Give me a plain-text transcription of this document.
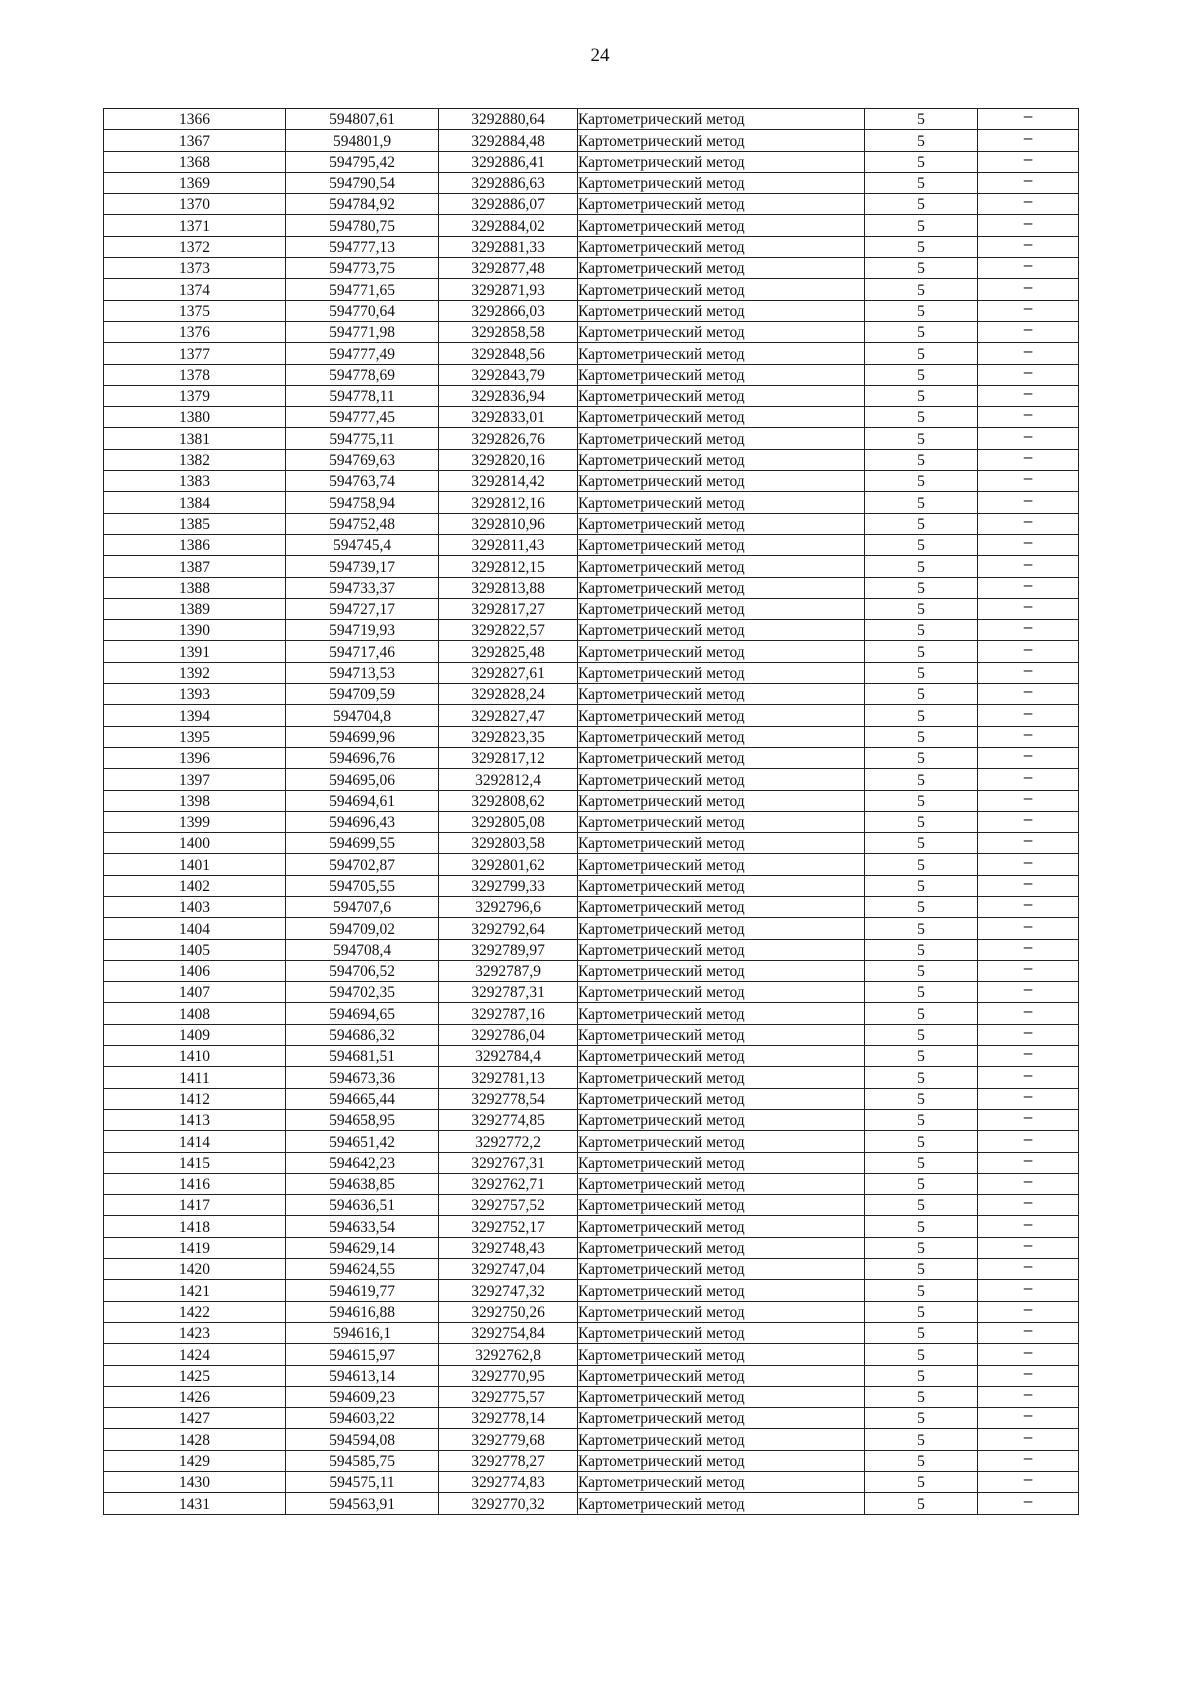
24
1366	594807,61	3292880,64	Картометрический метод	5	–
1367	594801,9	3292884,48	Картометрический метод	5	–
1368	594795,42	3292886,41	Картометрический метод	5	–
1369	594790,54	3292886,63	Картометрический метод	5	–
1370	594784,92	3292886,07	Картометрический метод	5	–
1371	594780,75	3292884,02	Картометрический метод	5	–
1372	594777,13	3292881,33	Картометрический метод	5	–
1373	594773,75	3292877,48	Картометрический метод	5	–
1374	594771,65	3292871,93	Картометрический метод	5	–
1375	594770,64	3292866,03	Картометрический метод	5	–
1376	594771,98	3292858,58	Картометрический метод	5	–
1377	594777,49	3292848,56	Картометрический метод	5	–
1378	594778,69	3292843,79	Картометрический метод	5	–
1379	594778,11	3292836,94	Картометрический метод	5	–
1380	594777,45	3292833,01	Картометрический метод	5	–
1381	594775,11	3292826,76	Картометрический метод	5	–
1382	594769,63	3292820,16	Картометрический метод	5	–
1383	594763,74	3292814,42	Картометрический метод	5	–
1384	594758,94	3292812,16	Картометрический метод	5	–
1385	594752,48	3292810,96	Картометрический метод	5	–
1386	594745,4	3292811,43	Картометрический метод	5	–
1387	594739,17	3292812,15	Картометрический метод	5	–
1388	594733,37	3292813,88	Картометрический метод	5	–
1389	594727,17	3292817,27	Картометрический метод	5	–
1390	594719,93	3292822,57	Картометрический метод	5	–
1391	594717,46	3292825,48	Картометрический метод	5	–
1392	594713,53	3292827,61	Картометрический метод	5	–
1393	594709,59	3292828,24	Картометрический метод	5	–
1394	594704,8	3292827,47	Картометрический метод	5	–
1395	594699,96	3292823,35	Картометрический метод	5	–
1396	594696,76	3292817,12	Картометрический метод	5	–
1397	594695,06	3292812,4	Картометрический метод	5	–
1398	594694,61	3292808,62	Картометрический метод	5	–
1399	594696,43	3292805,08	Картометрический метод	5	–
1400	594699,55	3292803,58	Картометрический метод	5	–
1401	594702,87	3292801,62	Картометрический метод	5	–
1402	594705,55	3292799,33	Картометрический метод	5	–
1403	594707,6	3292796,6	Картометрический метод	5	–
1404	594709,02	3292792,64	Картометрический метод	5	–
1405	594708,4	3292789,97	Картометрический метод	5	–
1406	594706,52	3292787,9	Картометрический метод	5	–
1407	594702,35	3292787,31	Картометрический метод	5	–
1408	594694,65	3292787,16	Картометрический метод	5	–
1409	594686,32	3292786,04	Картометрический метод	5	–
1410	594681,51	3292784,4	Картометрический метод	5	–
1411	594673,36	3292781,13	Картометрический метод	5	–
1412	594665,44	3292778,54	Картометрический метод	5	–
1413	594658,95	3292774,85	Картометрический метод	5	–
1414	594651,42	3292772,2	Картометрический метод	5	–
1415	594642,23	3292767,31	Картометрический метод	5	–
1416	594638,85	3292762,71	Картометрический метод	5	–
1417	594636,51	3292757,52	Картометрический метод	5	–
1418	594633,54	3292752,17	Картометрический метод	5	–
1419	594629,14	3292748,43	Картометрический метод	5	–
1420	594624,55	3292747,04	Картометрический метод	5	–
1421	594619,77	3292747,32	Картометрический метод	5	–
1422	594616,88	3292750,26	Картометрический метод	5	–
1423	594616,1	3292754,84	Картометрический метод	5	–
1424	594615,97	3292762,8	Картометрический метод	5	–
1425	594613,14	3292770,95	Картометрический метод	5	–
1426	594609,23	3292775,57	Картометрический метод	5	–
1427	594603,22	3292778,14	Картометрический метод	5	–
1428	594594,08	3292779,68	Картометрический метод	5	–
1429	594585,75	3292778,27	Картометрический метод	5	–
1430	594575,11	3292774,83	Картометрический метод	5	–
1431	594563,91	3292770,32	Картометрический метод	5	–
